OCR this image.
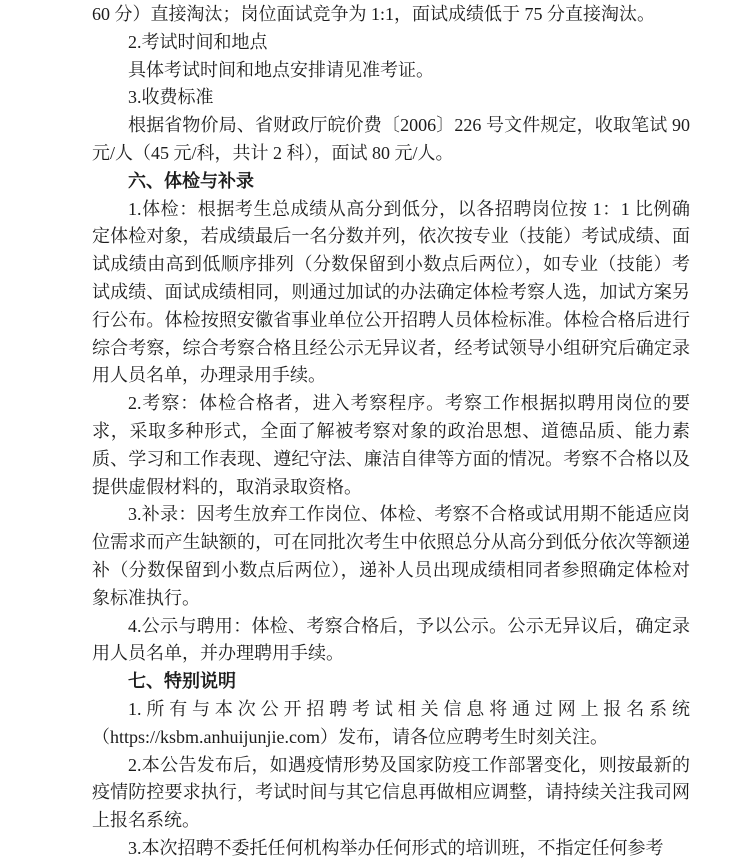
60 分）直接淘汰；岗位面试竞争为 1:1，面试成绩低于 75 分直接淘汰。

2.考试时间和地点

具体考试时间和地点安排请见准考证。

3.收费标准

根据省物价局、省财政厅皖价费〔2006〕226 号文件规定，收取笔试 90 元/人（45 元/科，共计 2 科），面试 80 元/人。

六、体检与补录

1.体检：根据考生总成绩从高分到低分，以各招聘岗位按 1：1 比例确定体检对象，若成绩最后一名分数并列，依次按专业（技能）考试成绩、面试成绩由高到低顺序排列（分数保留到小数点后两位），如专业（技能）考试成绩、面试成绩相同，则通过加试的办法确定体检考察人选，加试方案另行公布。体检按照安徽省事业单位公开招聘人员体检标准。体检合格后进行综合考察，综合考察合格且经公示无异议者，经考试领导小组研究后确定录用人员名单，办理录用手续。

2.考察：体检合格者，进入考察程序。考察工作根据拟聘用岗位的要求，采取多种形式，全面了解被考察对象的政治思想、道德品质、能力素质、学习和工作表现、遵纪守法、廉洁自律等方面的情况。考察不合格以及提供虚假材料的，取消录取资格。

3.补录：因考生放弃工作岗位、体检、考察不合格或试用期不能适应岗位需求而产生缺额的，可在同批次考生中依照总分从高分到低分依次等额递补（分数保留到小数点后两位），递补人员出现成绩相同者参照确定体检对象标准执行。

4.公示与聘用：体检、考察合格后，予以公示。公示无异议后，确定录用人员名单，并办理聘用手续。

七、特别说明

1.所有与本次公开招聘考试相关信息将通过网上报名系统（https://ksbm.anhuijunjie.com）发布，请各位应聘考生时刻关注。

2.本公告发布后，如遇疫情形势及国家防疫工作部署变化，则按最新的疫情防控要求执行，考试时间与其它信息再做相应调整，请持续关注我司网上报名系统。

3.本次招聘不委托任何机构举办任何形式的培训班，不指定任何参考
